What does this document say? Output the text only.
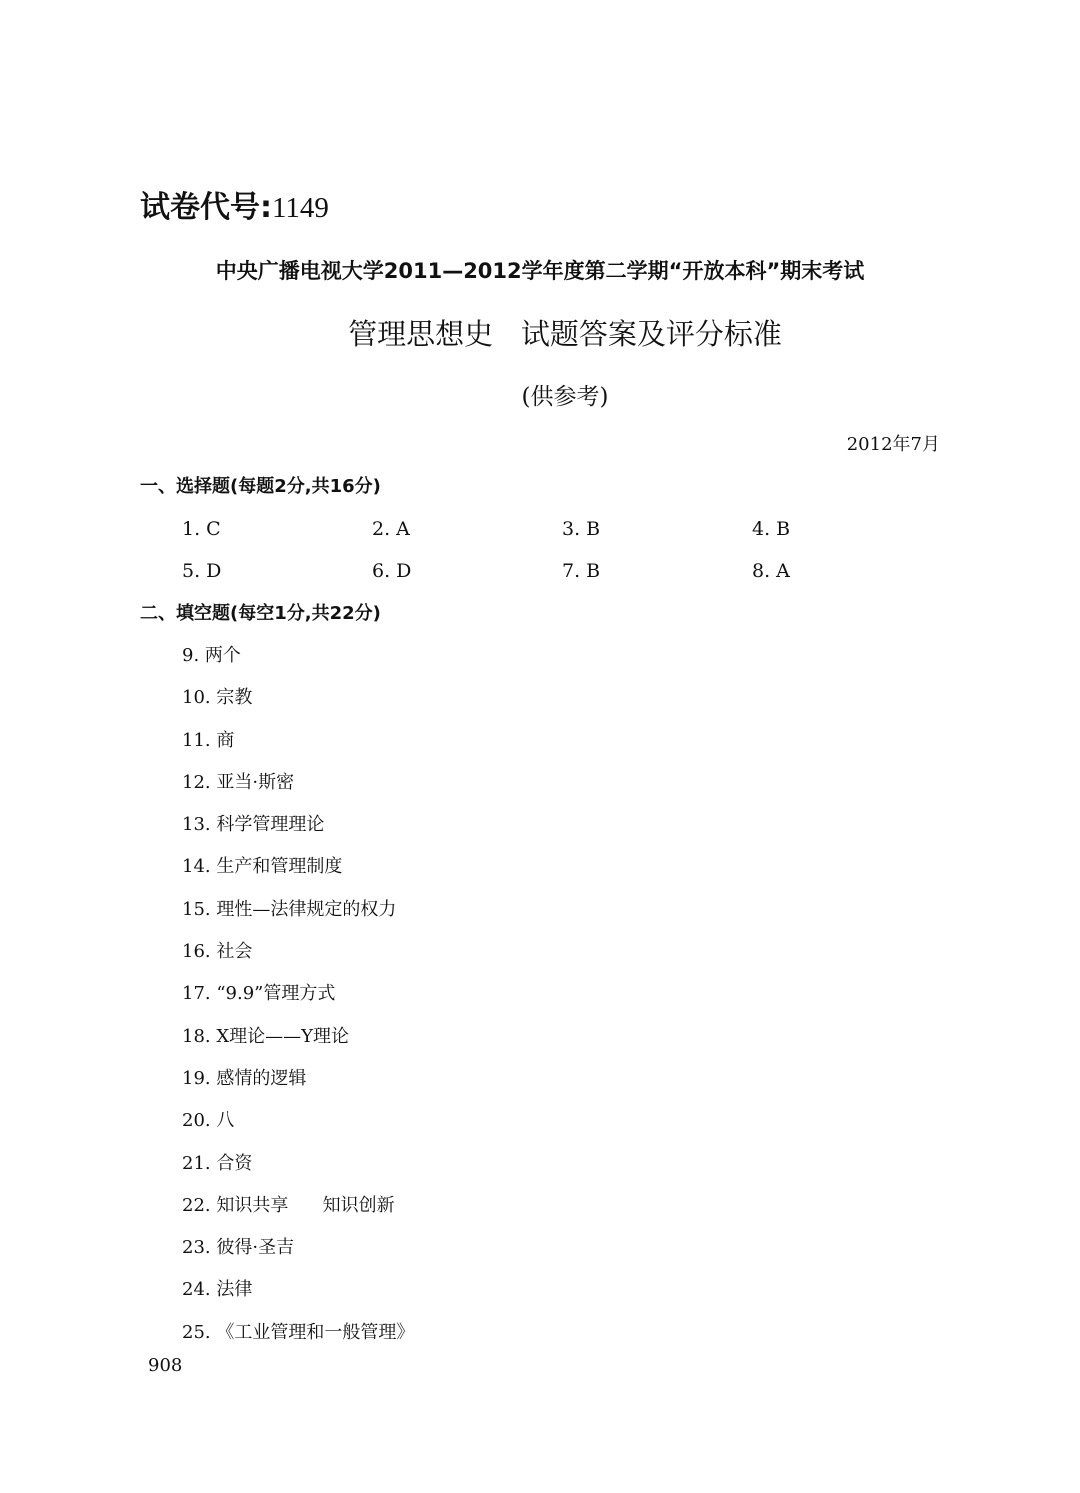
试卷代号:1149
中央广播电视大学2011—2012学年度第二学期“开放本科”期末考试
管理思想史   试题答案及评分标准
(供参考)
2012年7月
一、选择题(每题2分,共16分)
1. C	2. A	3. B	4. B
5. D	6. D	7. B	8. A
二、填空题(每空1分,共22分)
9. 两个
10. 宗教
11. 商
12. 亚当·斯密
13. 科学管理理论
14. 生产和管理制度
15. 理性—法律规定的权力
16. 社会
17. “9.9”管理方式
18. X理论——Y理论
19. 感情的逻辑
20. 八
21. 合资
22. 知识共享      知识创新
23. 彼得·圣吉
24. 法律
25. 《工业管理和一般管理》
908
